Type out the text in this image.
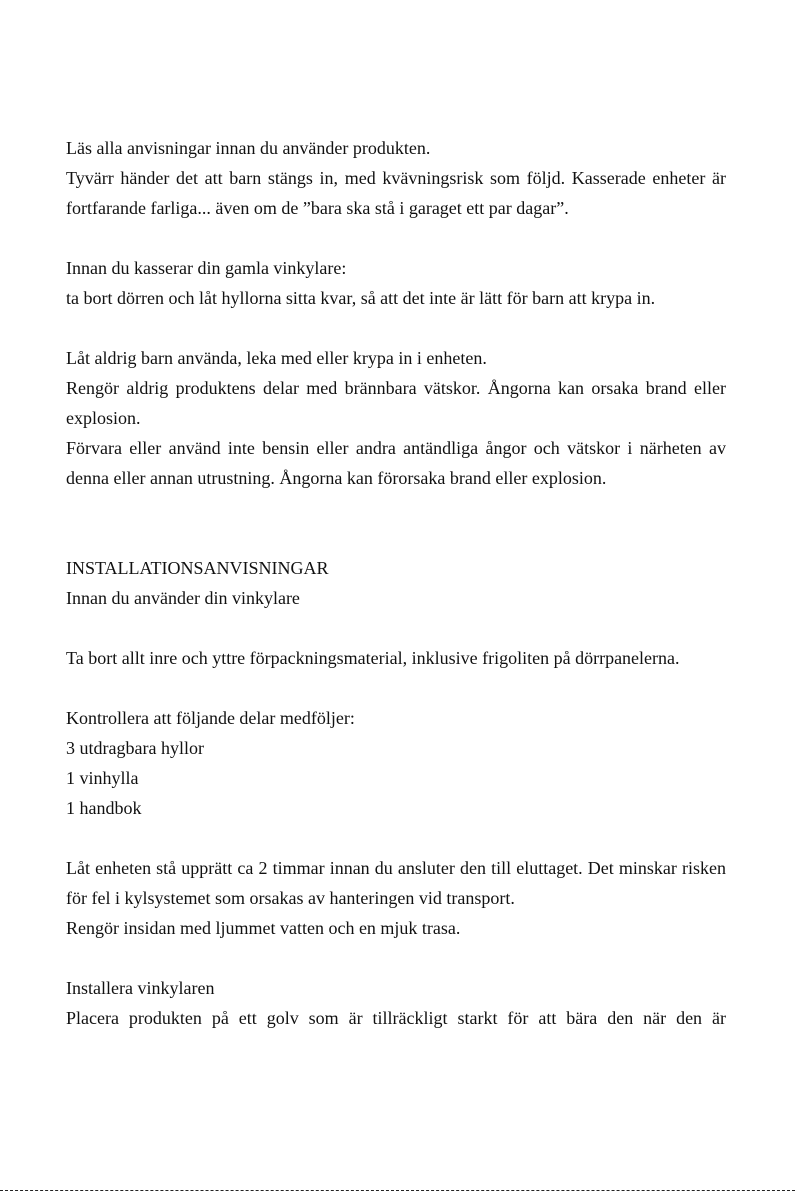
Läs alla anvisningar innan du använder produkten.

Tyvärr händer det att barn stängs in, med kvävningsrisk som följd. Kasserade enheter är fortfarande farliga... även om de ”bara ska stå i garaget ett par dagar”.

Innan du kasserar din gamla vinkylare:

ta bort dörren och låt hyllorna sitta kvar, så att det inte är lätt för barn att krypa in.

Låt aldrig barn använda, leka med eller krypa in i enheten.

Rengör aldrig produktens delar med brännbara vätskor. Ångorna kan orsaka brand eller explosion.

Förvara eller använd inte bensin eller andra antändliga ångor och vätskor i närheten av denna eller annan utrustning. Ångorna kan förorsaka brand eller explosion.

INSTALLATIONSANVISNINGAR

Innan du använder din vinkylare

Ta bort allt inre och yttre förpackningsmaterial, inklusive frigoliten på dörrpanelerna.

Kontrollera att följande delar medföljer:

3 utdragbara hyllor

1 vinhylla

1 handbok

Låt enheten stå upprätt ca 2 timmar innan du ansluter den till eluttaget. Det minskar risken för fel i kylsystemet som orsakas av hanteringen vid transport.

Rengör insidan med ljummet vatten och en mjuk trasa.

Installera vinkylaren

Placera produkten på ett golv som är tillräckligt starkt för att bära den när den är
